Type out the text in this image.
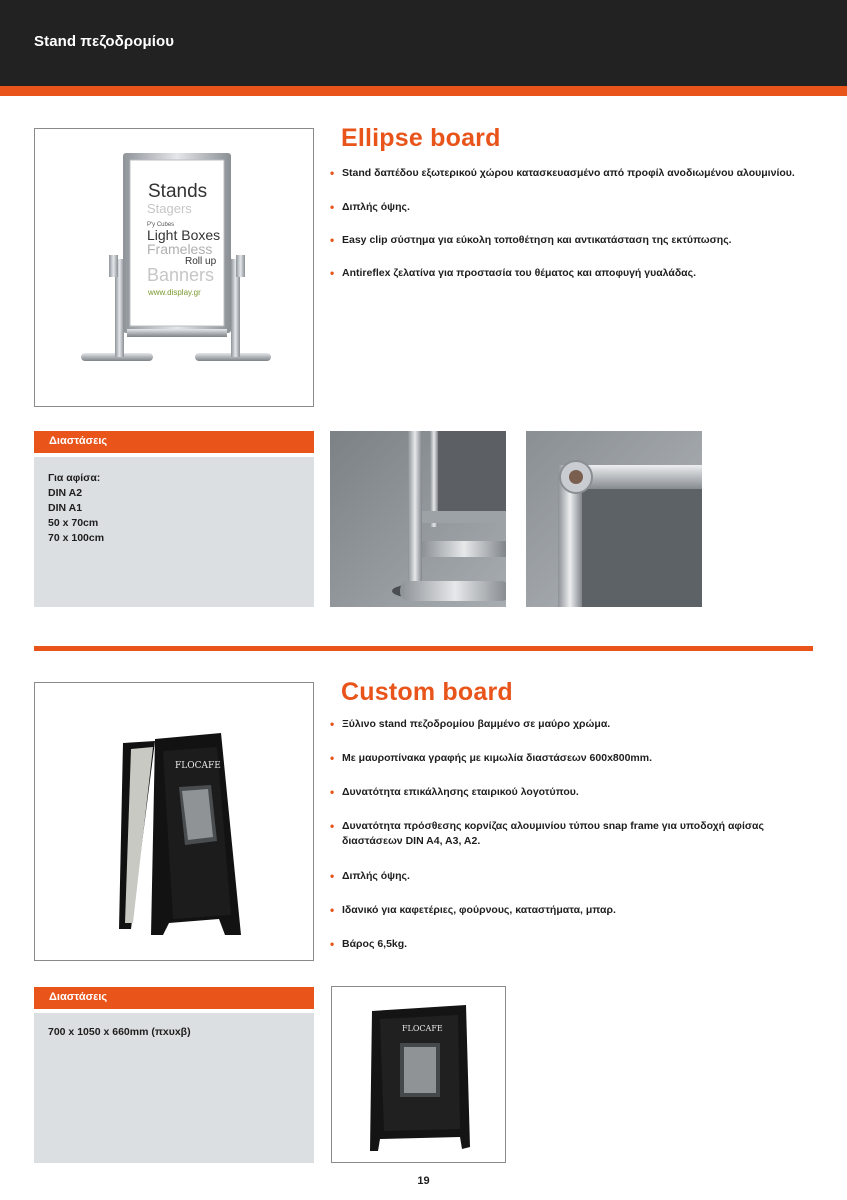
Stand πεζοδρομίου
Stands
Stagers
P'y Cubes
Light Boxes
Frameless
Roll up
Banners
www.display.gr
Ellipse board
• Stand δαπέδου εξωτερικού χώρου κατασκευασμένο από προφίλ ανοδιωμένου αλουμινίου.
• Διπλής όψης.
• Easy clip σύστημα για εύκολη τοποθέτηση και αντικατάσταση της εκτύπωσης.
• Antireflex ζελατίνα για προστασία του θέματος και αποφυγή γυαλάδας.
Διαστάσεις
Για αφίσα:
DIN A2
DIN A1
50 x 70cm
70 x 100cm
FLOCAFE
Custom board
• Ξύλινο stand πεζοδρομίου βαμμένο σε μαύρο χρώμα.
• Με μαυροπίνακα γραφής με κιμωλία διαστάσεων 600x800mm.
• Δυνατότητα επικάλλησης εταιρικού λογοτύπου.
• Δυνατότητα πρόσθεσης κορνίζας αλουμινίου τύπου snap frame για υποδοχή αφίσας διαστάσεων DIN A4, A3, A2.
• Διπλής όψης.
• Ιδανικό για καφετέριες, φούρνους, καταστήματα, μπαρ.
• Βάρος 6,5kg.
Διαστάσεις
700 x 1050 x 660mm (πxυxβ)	FLOCAFE
19
